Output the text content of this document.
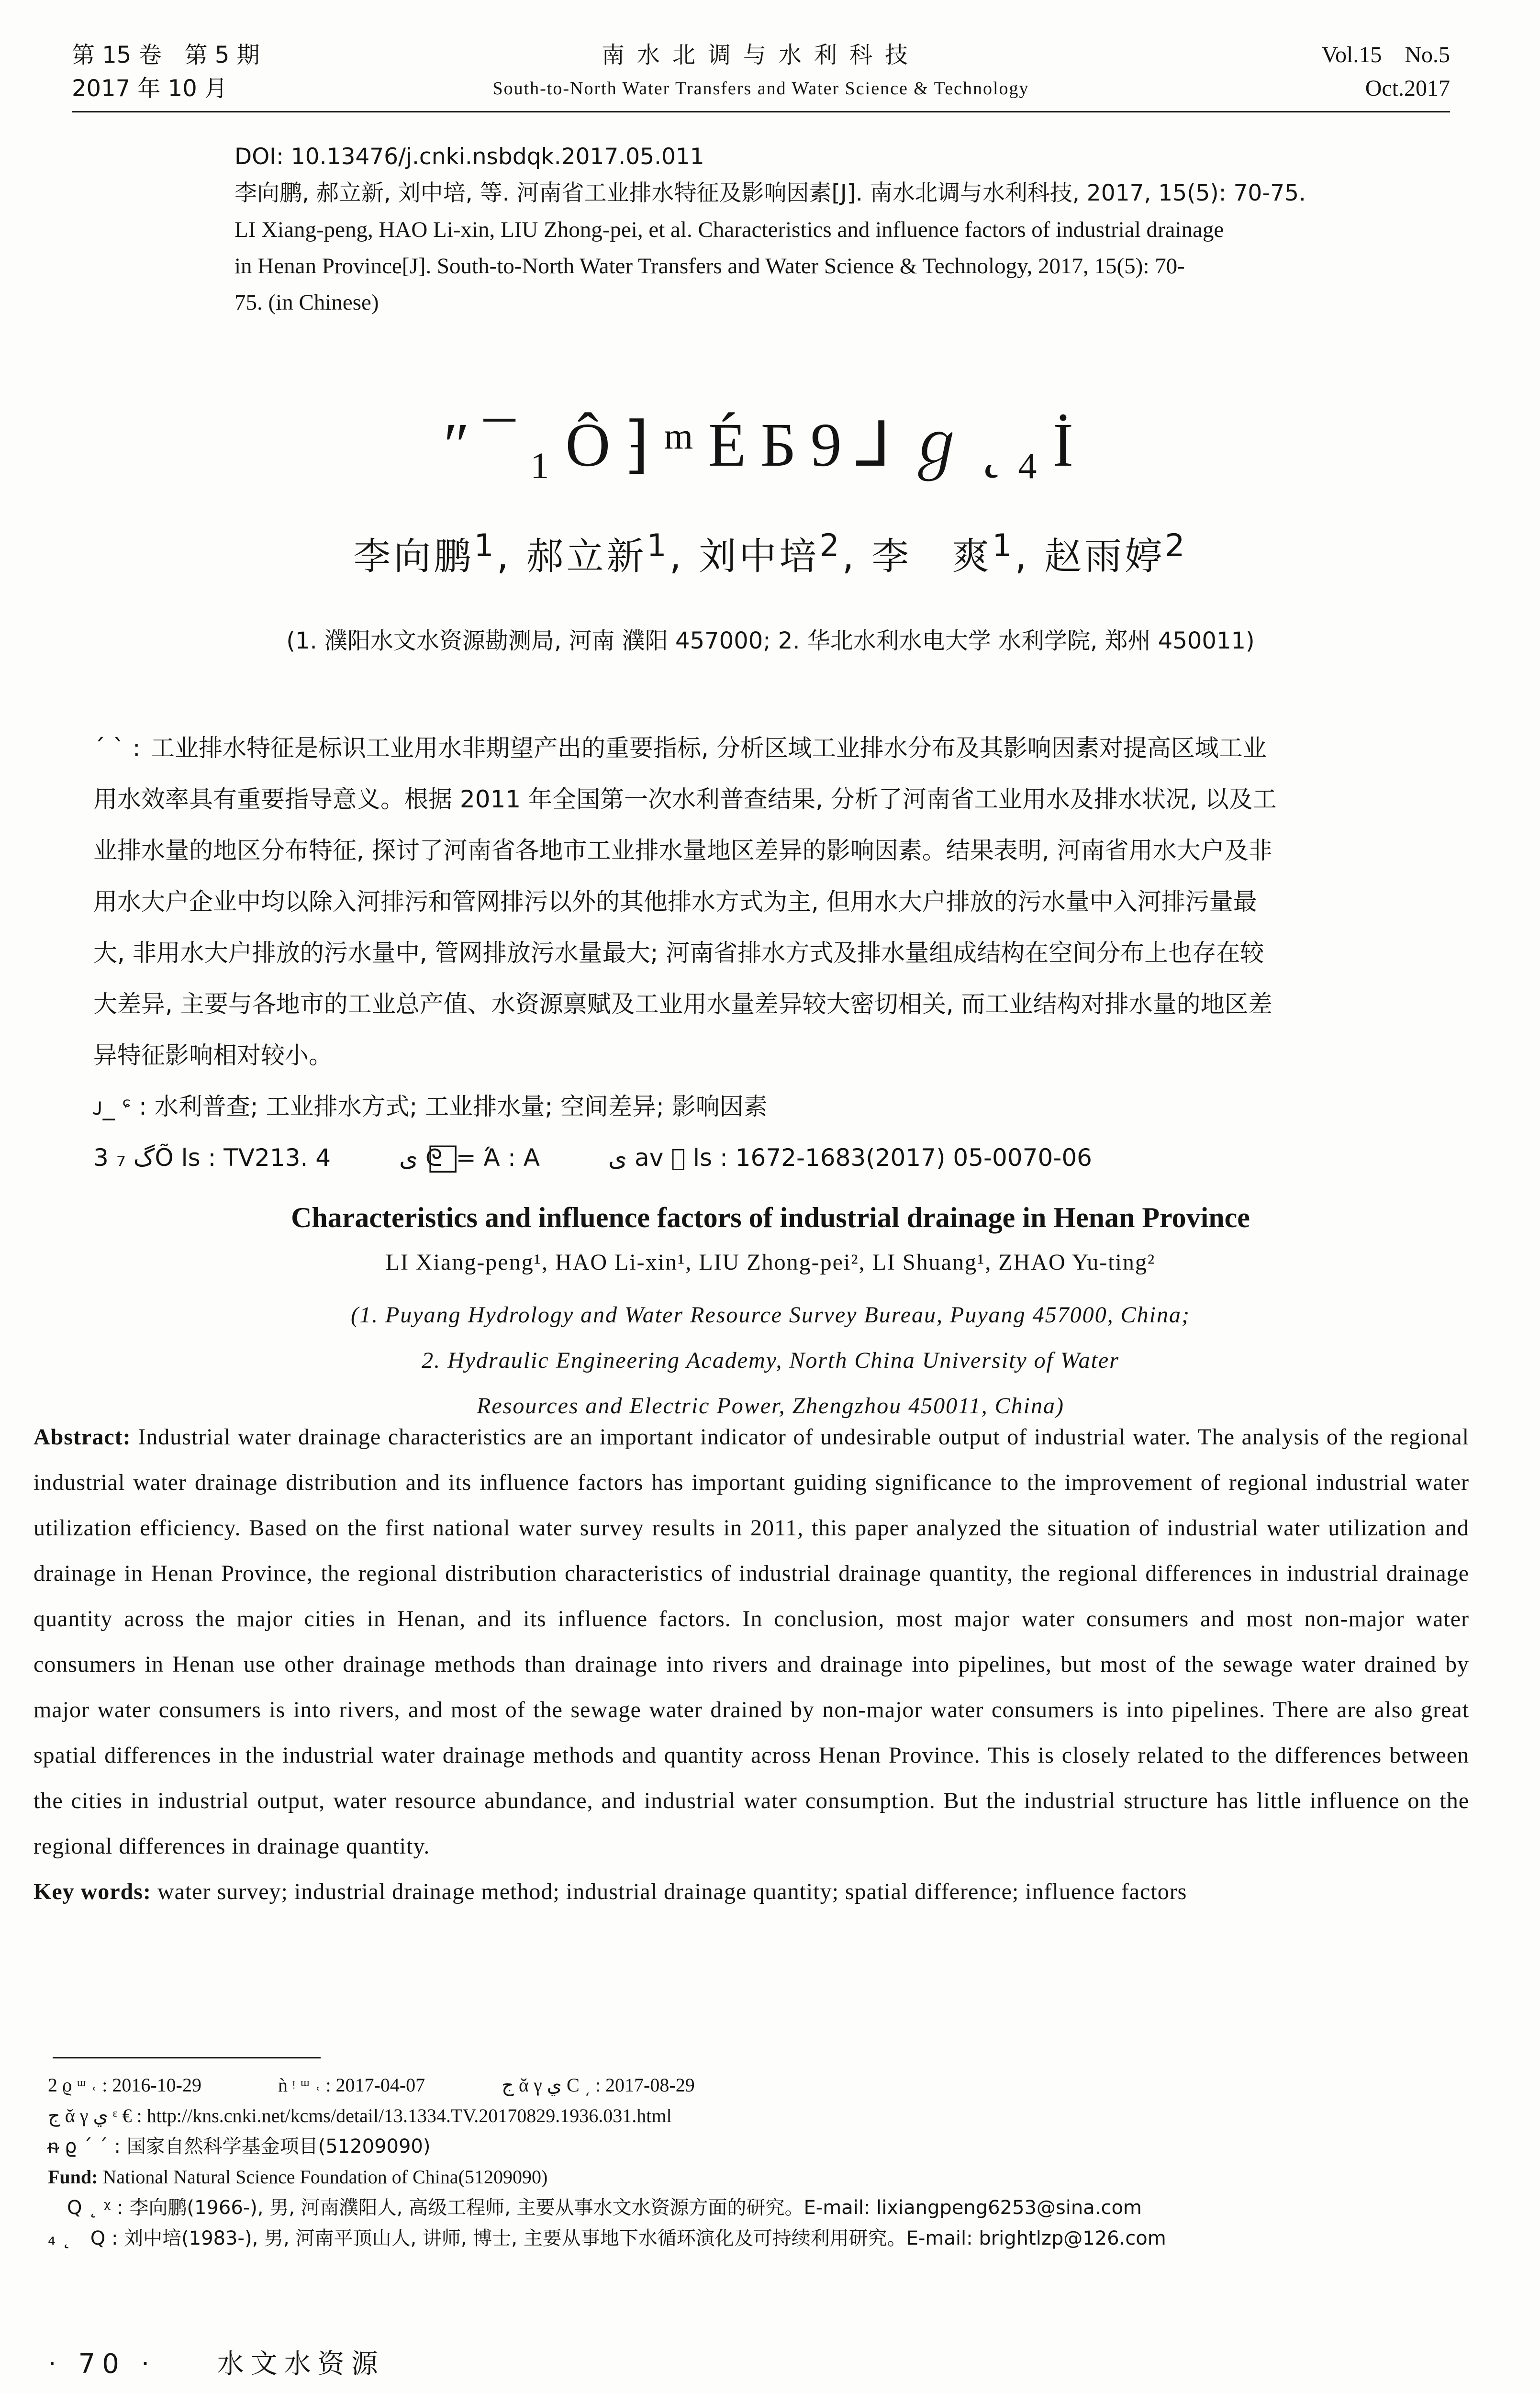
第 15 卷　第 5 期
2017 年 10 月
南水北调与水利科技
South-to-North Water Transfers and Water Science & Technology
Vol.15　No.5
Oct.2017

DOI: 10.13476/j.cnki.nsbdqk.2017.05.011

李向鹏, 郝立新, 刘中培, 等. 河南省工业排水特征及影响因素[J]. 南水北调与水利科技, 2017, 15(5): 70-75.

LI Xiang-peng, HAO Li-xin, LIU Zhong-pei, et al. Characteristics and influence factors of industrial drainage

in Henan Province[J]. South-to-North Water Transfers and Water Science & Technology, 2017, 15(5): 70-

75. (in Chinese)

″¯₁Ô⁆ᵐÉБ9⅃ℊ˛₄İ
李向鹏$^1$, 郝立新$^1$, 刘中培$^2$, 李　爽$^1$, 赵雨婷$^2$
(1. 濮阳水文水资源勘测局, 河南 濮阳 457000; 2. 华北水利水电大学 水利学院, 郑州 450011)

ˊ ˋ : 工业排水特征是标识工业用水非期望产出的重要指标, 分析区域工业排水分布及其影响因素对提高区域工业

用水效率具有重要指导意义。根据 2011 年全国第一次水利普查结果, 分析了河南省工业用水及排水状况, 以及工

业排水量的地区分布特征, 探讨了河南省各地市工业排水量地区差异的影响因素。结果表明, 河南省用水大户及非

用水大户企业中均以除入河排污和管网排污以外的其他排水方式为主, 但用水大户排放的污水量中入河排污量最

大, 非用水大户排放的污水量中, 管网排放污水量最大; 河南省排水方式及排水量组成结构在空间分布上也存在较

大差异, 主要与各地市的工业总产值、水资源禀赋及工业用水量差异较大密切相关, 而工业结构对排水量的地区差

异特征影响相对较小。

ᴊ_ ᶝ : 水利普查; 工业排水方式; 工业排水量; 空间差异; 影响因素

3 ₇ گÕ ls : TV213. 4	ی ᘓ ⃞ = Ά : A	ی av ⃞ ls : 1672-1683(2017) 05-0070-06

Characteristics and influence factors of industrial drainage in Henan Province
LI Xiang-peng¹, HAO Li-xin¹, LIU Zhong-pei², LI Shuang¹, ZHAO Yu-ting²
(1. Puyang Hydrology and Water Resource Survey Bureau, Puyang 457000, China;
2. Hydraulic Engineering Academy, North China University of Water
Resources and Electric Power, Zhengzhou 450011, China)
Abstract: Industrial water drainage characteristics are an important indicator of undesirable output of industrial water. The analysis of the regional industrial water drainage distribution and its influence factors has important guiding significance to the improvement of regional industrial water utilization efficiency. Based on the first national water survey results in 2011, this paper analyzed the situation of industrial water utilization and drainage in Henan Province, the regional distribution characteristics of industrial drainage quantity, the regional differences in industrial drainage quantity across the major cities in Henan, and its influence factors. In conclusion, most major water consumers and most non-major water consumers in Henan use other drainage methods than drainage into rivers and drainage into pipelines, but most of the sewage water drained by major water consumers is into rivers, and most of the sewage water drained by non-major water consumers is into pipelines. There are also great spatial differences in the industrial water drainage methods and quantity across Henan Province. This is closely related to the differences between the cities in industrial output, water resource abundance, and industrial water consumption. But the industrial structure has little influence on the regional differences in drainage quantity.
Key words: water survey; industrial drainage method; industrial drainage quantity; spatial difference; influence factors

2 ϱ ᵚ ˓ : 2016-10-29　　　　ǹ ᵎ ᵚ ˓ : 2017-04-07　　　　ج ᾰ γ ي Ϲ ͵ : 2017-08-29

ج ᾰ γ ي ᵋ € : http://kns.cnki.net/kcms/detail/13.1334.TV.20170829.1936.031.html

ᵰ ϱ ˊ ˊ : 国家自然科学基金项目(51209090)

Fund: National Natural Science Foundation of China(51209090)

　Q ˛ ᵡ : 李向鹏(1966-), 男, 河南濮阳人, 高级工程师, 主要从事水文水资源方面的研究。E-mail: lixiangpeng6253@sina.com

₄ ˛　Q : 刘中培(1983-), 男, 河南平顶山人, 讲师, 博士, 主要从事地下水循环演化及可持续利用研究。E-mail: brightlzp@126.com

· 70 · 水文水资源
